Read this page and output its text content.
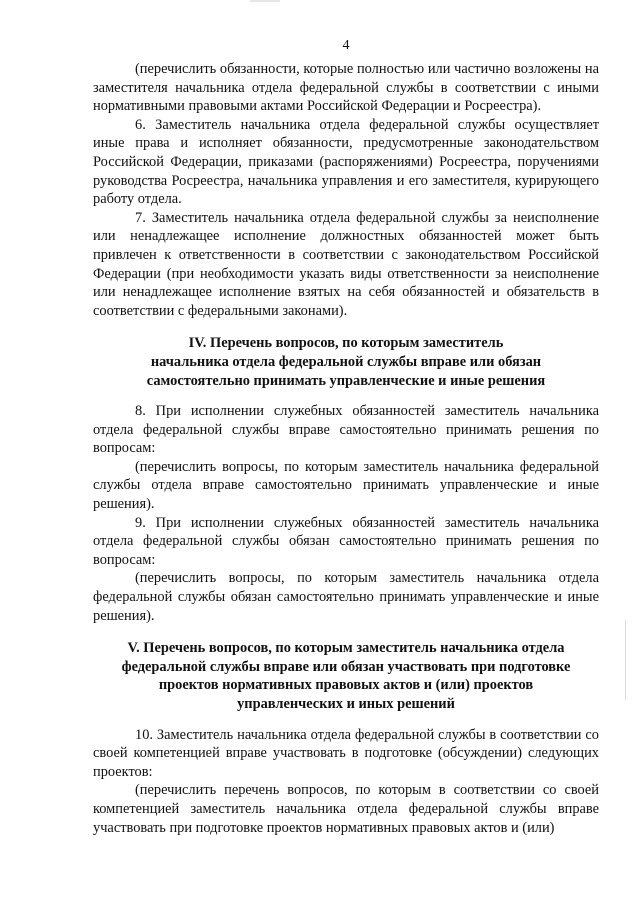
4

(перечислить обязанности, которые полностью или частично возложены на заместителя начальника отдела федеральной службы в соответствии с иными нормативными правовыми актами Российской Федерации и Росреестра).

6. Заместитель начальника отдела федеральной службы осуществляет иные права и исполняет обязанности, предусмотренные законодательством Российской Федерации, приказами (распоряжениями) Росреестра, поручениями руководства Росреестра, начальника управления и его заместителя, курирующего работу отдела.

7. Заместитель начальника отдела федеральной службы за неисполнение или ненадлежащее исполнение должностных обязанностей может быть привлечен к ответственности в соответствии с законодательством Российской Федерации (при необходимости указать виды ответственности за неисполнение или ненадлежащее исполнение взятых на себя обязанностей и обязательств в соответствии с федеральными законами).

IV. Перечень вопросов, по которым заместитель
начальника отдела федеральной службы вправе или обязан
самостоятельно принимать управленческие и иные решения

8. При исполнении служебных обязанностей заместитель начальника отдела федеральной службы вправе самостоятельно принимать решения по вопросам:

(перечислить вопросы, по которым заместитель начальника федеральной службы отдела вправе самостоятельно принимать управленческие и иные решения).

9. При исполнении служебных обязанностей заместитель начальника отдела федеральной службы обязан самостоятельно принимать решения по вопросам:

(перечислить вопросы, по которым заместитель начальника отдела федеральной службы обязан самостоятельно принимать управленческие и иные решения).

V. Перечень вопросов, по которым заместитель начальника отдела
федеральной службы вправе или обязан участвовать при подготовке
проектов нормативных правовых актов и (или) проектов
управленческих и иных решений

10. Заместитель начальника отдела федеральной службы в соответствии со своей компетенцией вправе участвовать в подготовке (обсуждении) следующих проектов:

(перечислить перечень вопросов, по которым в соответствии со своей компетенцией заместитель начальника отдела федеральной службы вправе участвовать при подготовке проектов нормативных правовых актов и (или)
